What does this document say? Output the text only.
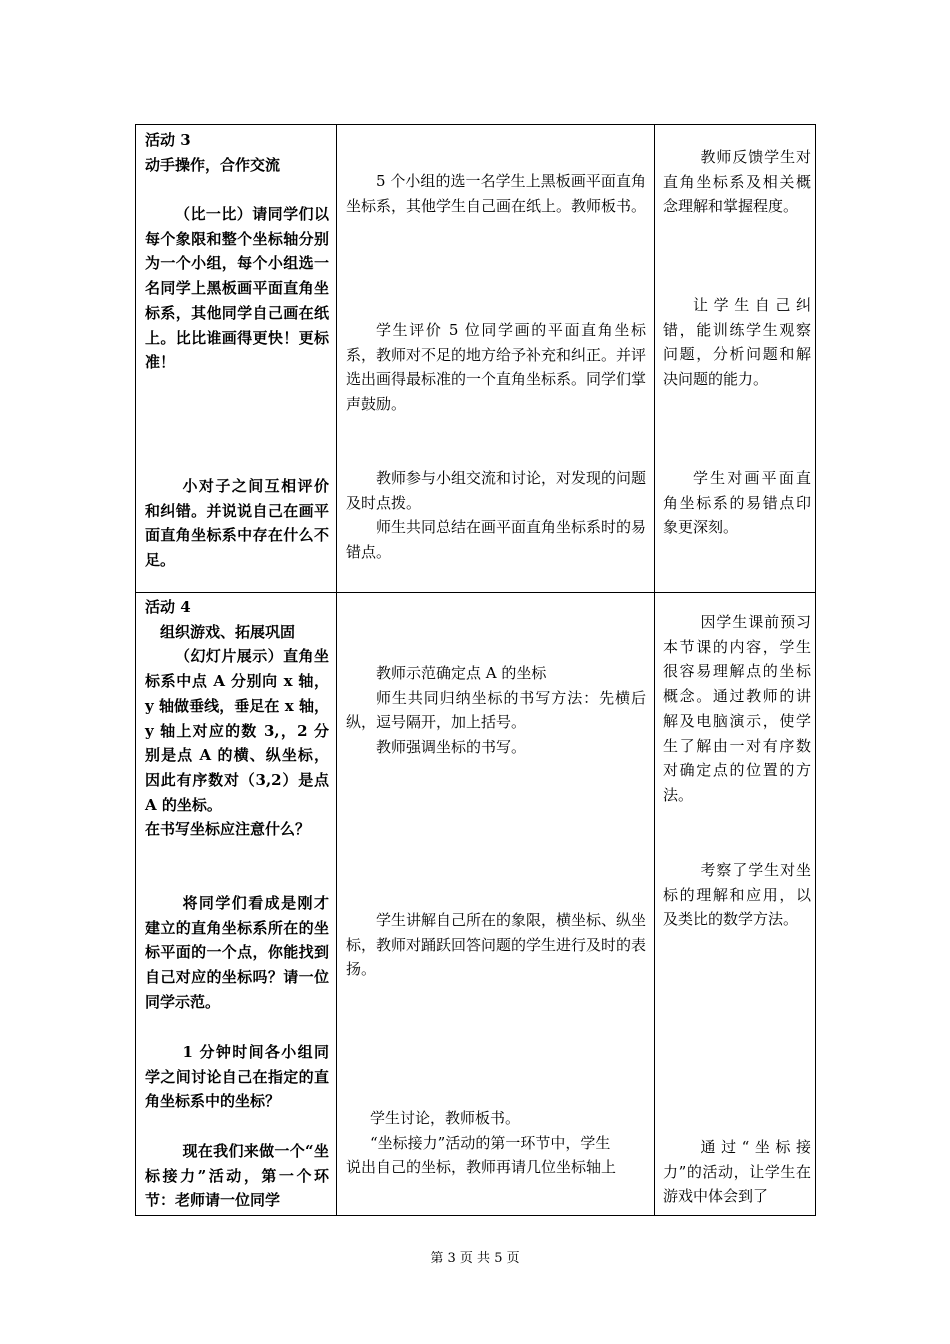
活动 3

动手操作，合作交流

（比一比）请同学们以每个象限和整个坐标轴分别为一个小组，每个小组选一名同学上黑板画平面直角坐标系，其他同学自己画在纸上。比比谁画得更快！更标准！
小对子之间互相评价和纠错。并说说自己在画平面直角坐标系中存在什么不足。
5 个小组的选一名学生上黑板画平面直角坐标系，其他学生自己画在纸上。教师板书。
学生评价 5 位同学画的平面直角坐标系，教师对不足的地方给予补充和纠正。并评选出画得最标准的一个直角坐标系。同学们掌声鼓励。

教师参与小组交流和讨论，对发现的问题及时点拨。

师生共同总结在画平面直角坐标系时的易错点。

教师反馈学生对直角坐标系及相关概念理解和掌握程度。
让学生自己纠错，能训练学生观察问题，分析问题和解决问题的能力。
学生对画平面直角坐标系的易错点印象更深刻。

活动 4

组织游戏、拓展巩固

（幻灯片展示）直角坐标系中点 A 分别向 x 轴，y 轴做垂线，垂足在 x 轴，y 轴上对应的数 3,，2 分别是点 A 的横、纵坐标，因此有序数对（3,2）是点 A 的坐标。

在书写坐标应注意什么？

将同学们看成是刚才建立的直角坐标系所在的坐标平面的一个点，你能找到自己对应的坐标吗？请一位同学示范。
1 分钟时间各小组同学之间讨论自己在指定的直角坐标系中的坐标？
现在我们来做一个“坐标接力”活动，第一个环节：老师请一位同学

教师示范确定点 A 的坐标

师生共同归纳坐标的书写方法：先横后纵，逗号隔开，加上括号。

教师强调坐标的书写。

学生讲解自己所在的象限，横坐标、纵坐标，教师对踊跃回答问题的学生进行及时的表扬。

学生讨论，教师板书。

“坐标接力”活动的第一环节中，学生

说出自己的坐标，教师再请几位坐标轴上

因学生课前预习本节课的内容，学生很容易理解点的坐标概念。通过教师的讲解及电脑演示，使学生了解由一对有序数对确定点的位置的方法。
考察了学生对坐标的理解和应用，以及类比的数学方法。
通过“坐标接力”的活动，让学生在游戏中体会到了
第 3 页 共 5 页
